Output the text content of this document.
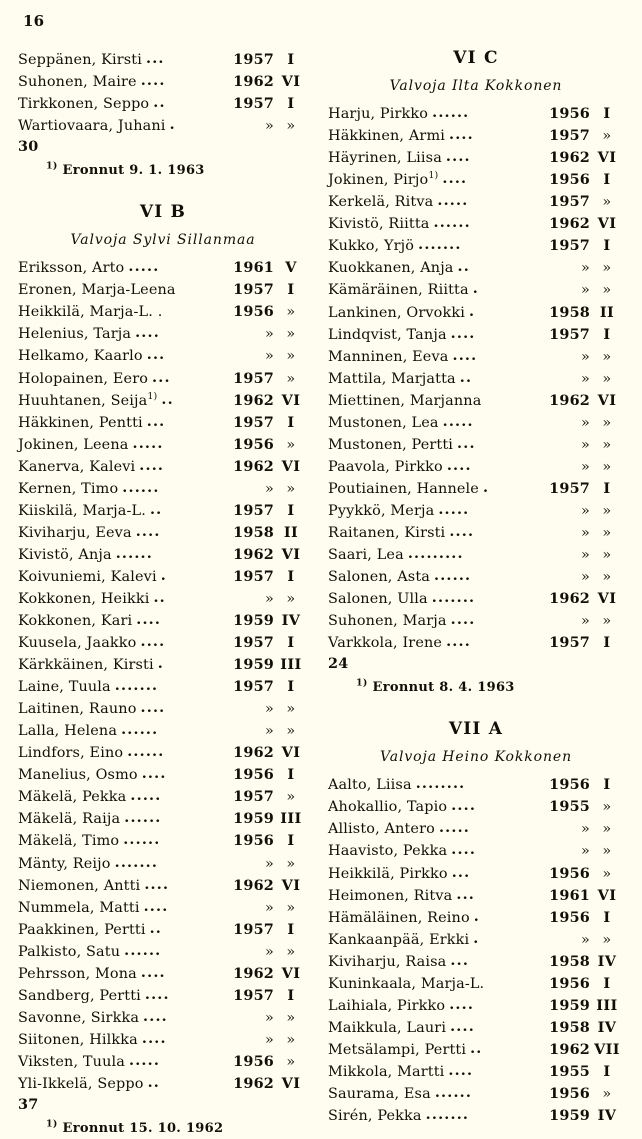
16
Seppänen, Kirsti ...	1957 I
Suhonen, Maire ....	1962 VI
Tirkkonen, Seppo ..	1957 I
Wartiovaara, Juhani .	» »
30
$^{1)}$ Eronnut 9. 1. 1963
VI B
Valvoja Sylvi Sillanmaa
Eriksson, Arto .....	1961 V
Eronen, Marja-Leena	1957 I
Heikkilä, Marja-L. .	1956 »
Helenius, Tarja ....	» »
Helkamo, Kaarlo ...	» »
Holopainen, Eero ...	1957 »
Huuhtanen, Seija$^{1)}$ ..	1962 VI
Häkkinen, Pentti ...	1957 I
Jokinen, Leena .....	1956 »
Kanerva, Kalevi ....	1962 VI
Kernen, Timo ......	» »
Kiiskilä, Marja-L. ..	1957 I
Kiviharju, Eeva ....	1958 II
Kivistö, Anja ......	1962 VI
Koivuniemi, Kalevi .	1957 I
Kokkonen, Heikki ..	» »
Kokkonen, Kari ....	1959 IV
Kuusela, Jaakko ....	1957 I
Kärkkäinen, Kirsti .	1959 III
Laine, Tuula .......	1957 I
Laitinen, Rauno ....	» »
Lalla, Helena ......	» »
Lindfors, Eino ......	1962 VI
Manelius, Osmo ....	1956 I
Mäkelä, Pekka .....	1957 »
Mäkelä, Raija ......	1959 III
Mäkelä, Timo ......	1956 I
Mänty, Reijo .......	» »
Niemonen, Antti ....	1962 VI
Nummela, Matti ....	» »
Paakkinen, Pertti ..	1957 I
Palkisto, Satu ......	» »
Pehrsson, Mona ....	1962 VI
Sandberg, Pertti ....	1957 I
Savonne, Sirkka ....	» »
Siitonen, Hilkka ....	» »
Viksten, Tuula .....	1956 »
Yli-Ikkelä, Seppo ..	1962 VI
37
$^{1)}$ Eronnut 15. 10. 1962
VI C
Valvoja Ilta Kokkonen
Harju, Pirkko ......	1956 I
Häkkinen, Armi ....	1957 »
Häyrinen, Liisa ....	1962 VI
Jokinen, Pirjo$^{1)}$ ....	1956 I
Kerkelä, Ritva .....	1957 »
Kivistö, Riitta ......	1962 VI
Kukko, Yrjö .......	1957 I
Kuokkanen, Anja ..	» »
Kämäräinen, Riitta .	» »
Lankinen, Orvokki .	1958 II
Lindqvist, Tanja ....	1957 I
Manninen, Eeva ....	» »
Mattila, Marjatta ..	» »
Miettinen, Marjanna	1962 VI
Mustonen, Lea .....	» »
Mustonen, Pertti ...	» »
Paavola, Pirkko ....	» »
Poutiainen, Hannele .	1957 I
Pyykkö, Merja .....	» »
Raitanen, Kirsti ....	» »
Saari, Lea .........	» »
Salonen, Asta ......	» »
Salonen, Ulla .......	1962 VI
Suhonen, Marja ....	» »
Varkkola, Irene ....	1957 I
24
$^{1)}$ Eronnut 8. 4. 1963
VII A
Valvoja Heino Kokkonen
Aalto, Liisa ........	1956 I
Ahokallio, Tapio ....	1955 »
Allisto, Antero .....	» »
Haavisto, Pekka ....	» »
Heikkilä, Pirkko ...	1956 »
Heimonen, Ritva ...	1961 VI
Hämäläinen, Reino .	1956 I
Kankaanpää, Erkki .	» »
Kiviharju, Raisa ...	1958 IV
Kuninkaala, Marja-L.	1956 I
Laihiala, Pirkko ....	1959 III
Maikkula, Lauri ....	1958 IV
Metsälampi, Pertti ..	1962 VII
Mikkola, Martti ....	1955 I
Saurama, Esa ......	1956 »
Sirén, Pekka .......	1959 IV
